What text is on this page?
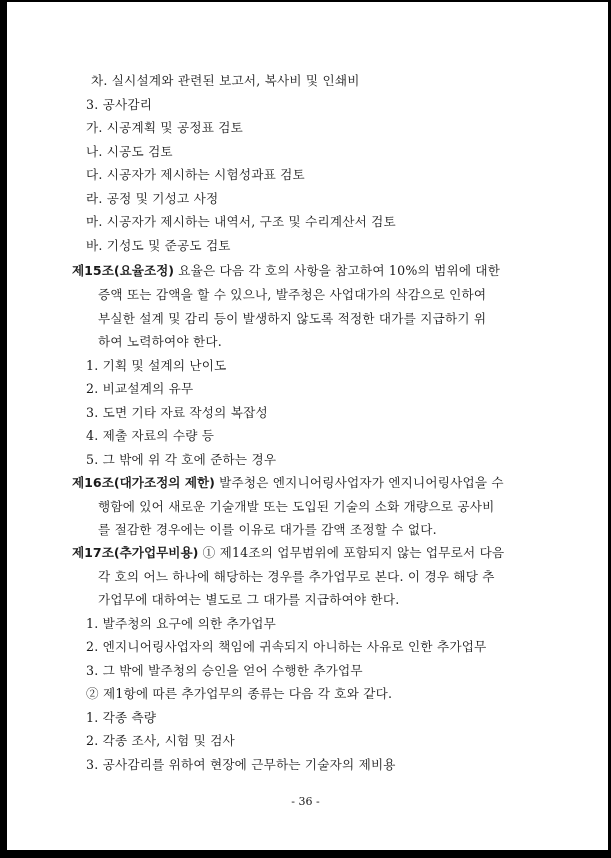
차. 실시설계와 관련된 보고서, 복사비 및 인쇄비
3. 공사감리
가. 시공계획 및 공정표 검토
나. 시공도 검토
다. 시공자가 제시하는 시험성과표 검토
라. 공정 및 기성고 사정
마. 시공자가 제시하는 내역서, 구조 및 수리계산서 검토
바. 기성도 및 준공도 검토
제15조(요율조정) 요율은 다음 각 호의 사항을 참고하여 10%의 범위에 대한
증액 또는 감액을 할 수 있으나, 발주청은 사업대가의 삭감으로 인하여
부실한 설계 및 감리 등이 발생하지 않도록 적정한 대가를 지급하기 위
하여 노력하여야 한다.
1. 기획 및 설계의 난이도
2. 비교설계의 유무
3. 도면 기타 자료 작성의 복잡성
4. 제출 자료의 수량 등
5. 그 밖에 위 각 호에 준하는 경우
제16조(대가조정의 제한) 발주청은 엔지니어링사업자가 엔지니어링사업을 수
행함에 있어 새로운 기술개발 또는 도입된 기술의 소화 개량으로 공사비
를 절감한 경우에는 이를 이유로 대가를 감액 조정할 수 없다.
제17조(추가업무비용) ① 제14조의 업무범위에 포함되지 않는 업무로서 다음
각 호의 어느 하나에 해당하는 경우를 추가업무로 본다. 이 경우 해당 추
가업무에 대하여는 별도로 그 대가를 지급하여야 한다.
1. 발주청의 요구에 의한 추가업무
2. 엔지니어링사업자의 책임에 귀속되지 아니하는 사유로 인한 추가업무
3. 그 밖에 발주청의 승인을 얻어 수행한 추가업무
② 제1항에 따른 추가업무의 종류는 다음 각 호와 같다.
1. 각종 측량
2. 각종 조사, 시험 및 검사
3. 공사감리를 위하여 현장에 근무하는 기술자의 제비용
- 36 -
